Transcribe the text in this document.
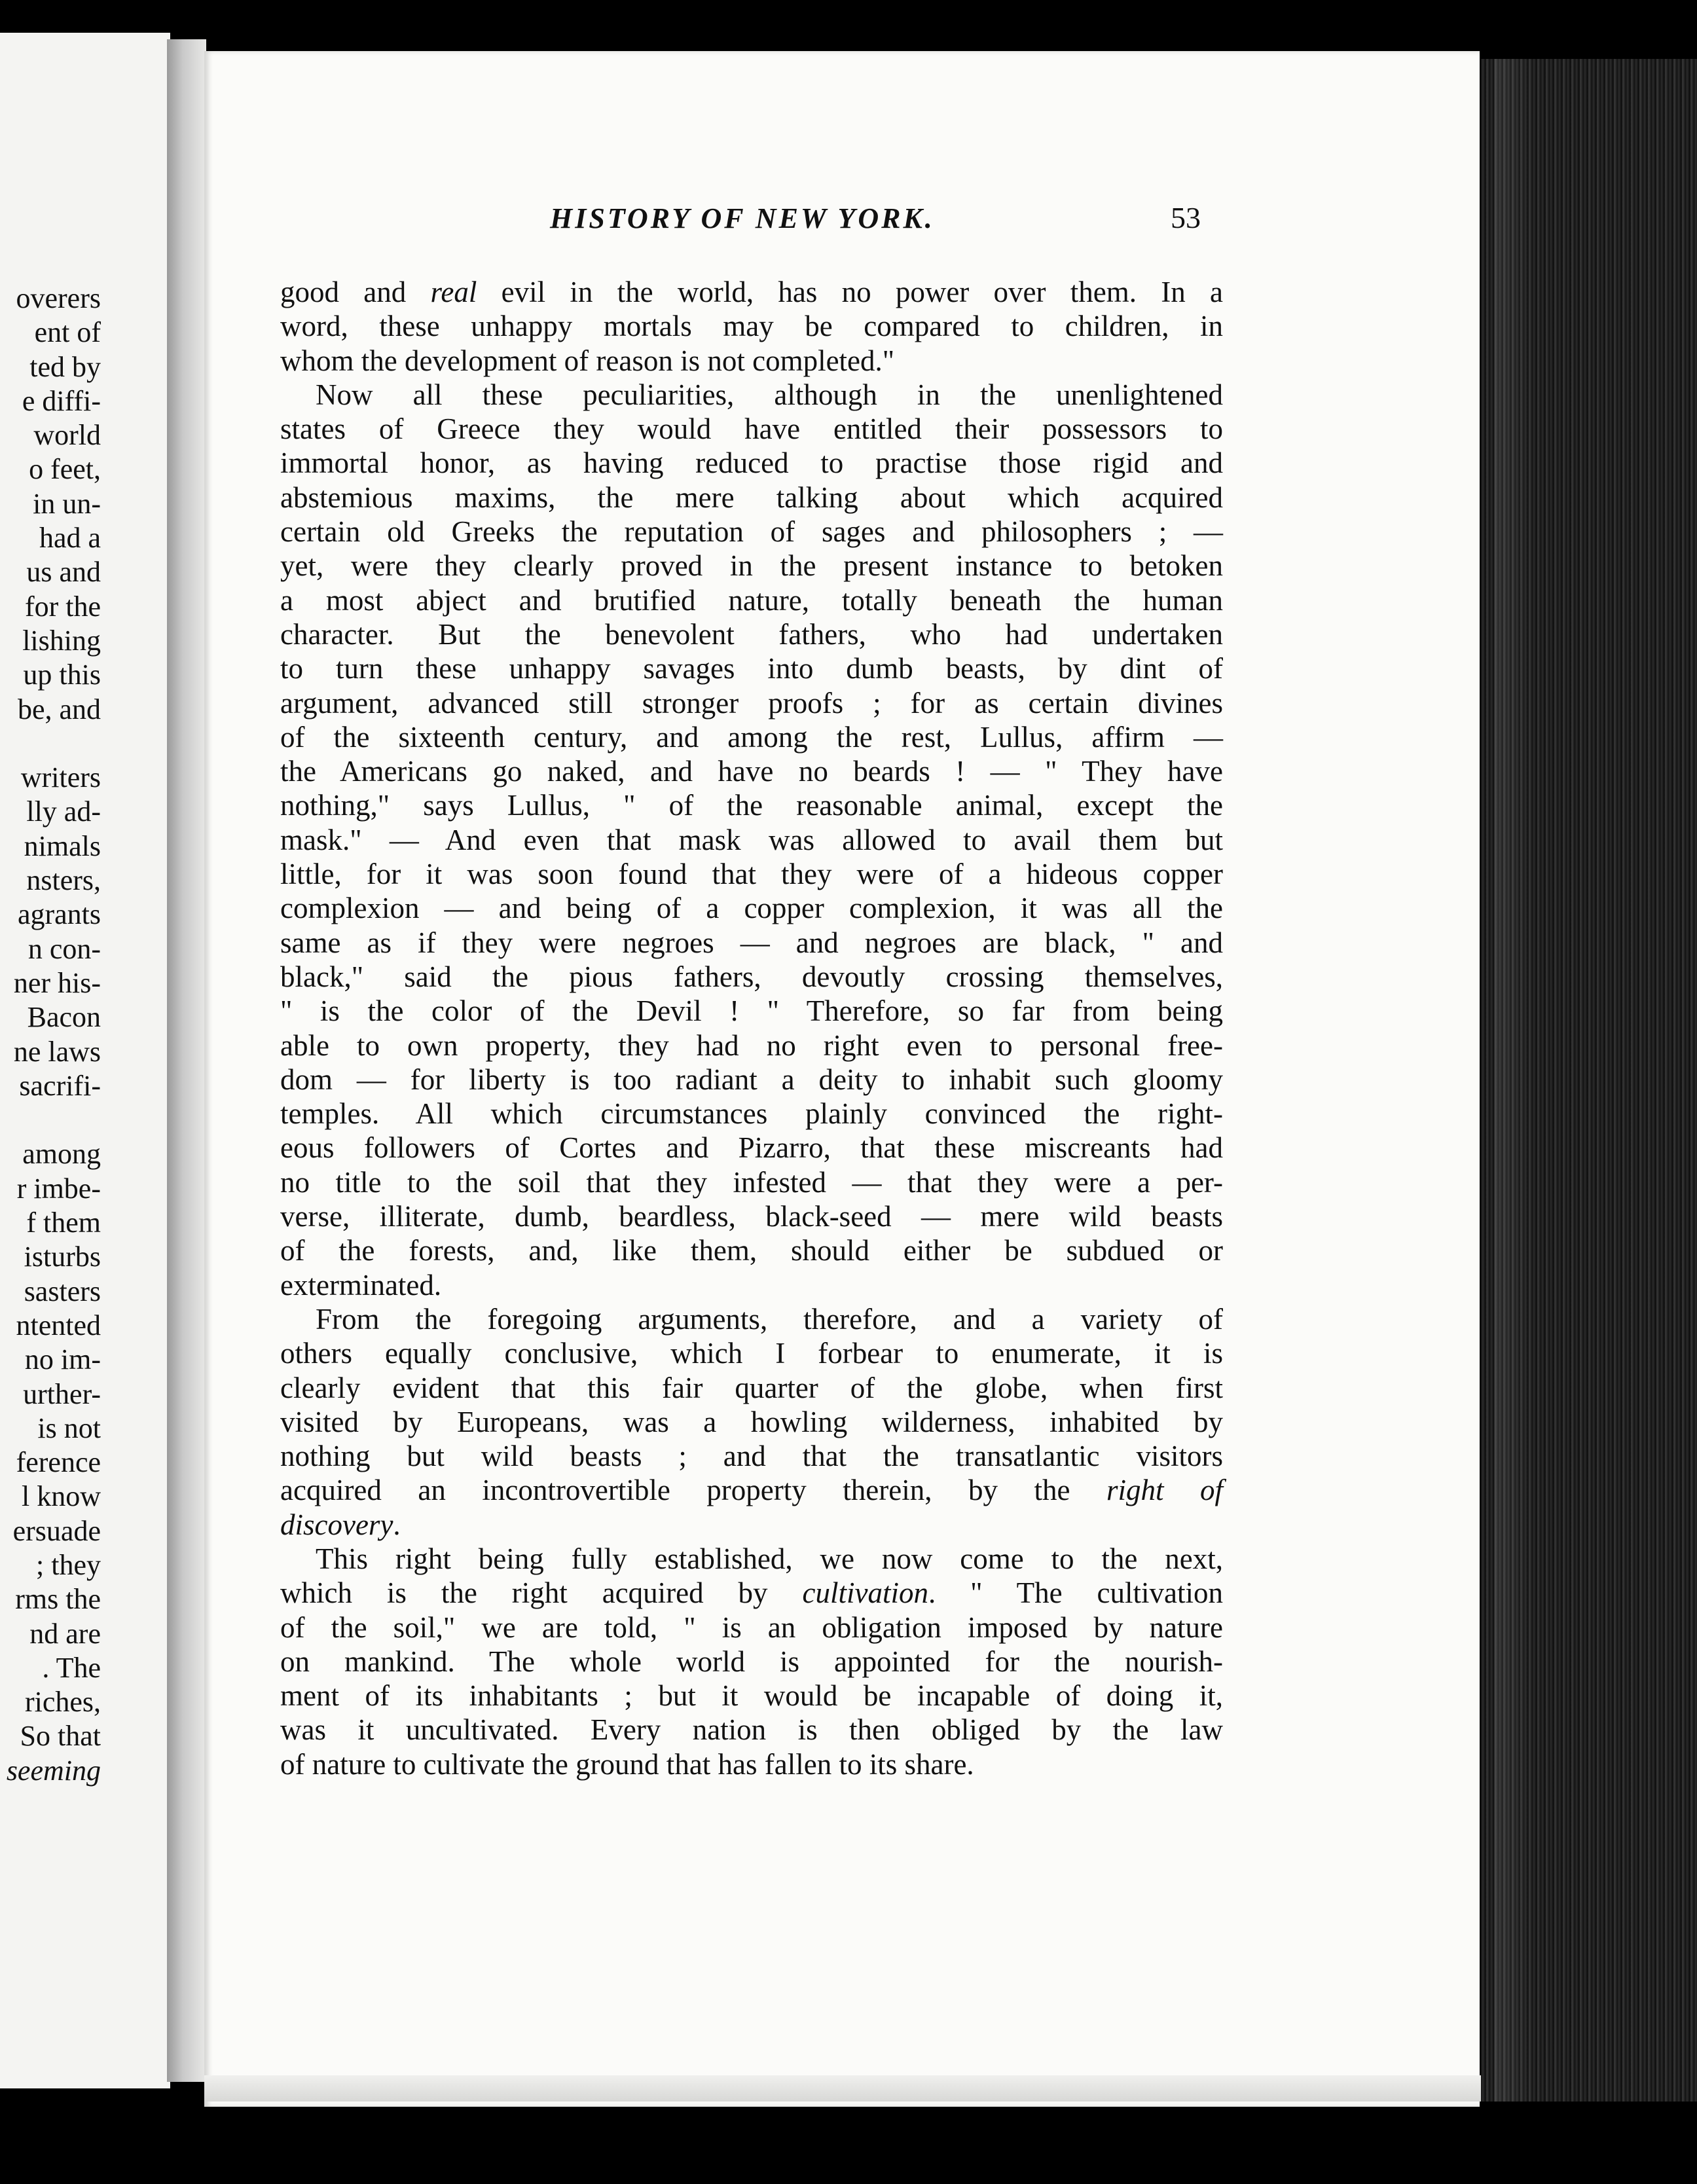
overers
ent of
ted by
e diffi-
world
o feet,
in un-
had a
us and
for the
lishing
up this
be, and
writers
lly ad-
nimals
nsters,
agrants
n con-
ner his-
Bacon
ne laws
sacrifi-
among
r imbe-
f them
isturbs
sasters
ntented
no im-
urther-
is not
ference
l know
ersuade
; they
rms the
nd are
. The
riches,
So that
seeming
HISTORY OF NEW YORK.	53
good and real evil in the world, has no power over them. In a
word, these unhappy mortals may be compared to children, in
whom the development of reason is not completed."
Now all these peculiarities, although in the unenlightened
states of Greece they would have entitled their possessors to
immortal honor, as having reduced to practise those rigid and
abstemious maxims, the mere talking about which acquired
certain old Greeks the reputation of sages and philosophers ; —
yet, were they clearly proved in the present instance to betoken
a most abject and brutified nature, totally beneath the human
character. But the benevolent fathers, who had undertaken
to turn these unhappy savages into dumb beasts, by dint of
argument, advanced still stronger proofs ; for as certain divines
of the sixteenth century, and among the rest, Lullus, affirm —
the Americans go naked, and have no beards ! — " They have
nothing," says Lullus, " of the reasonable animal, except the
mask." — And even that mask was allowed to avail them but
little, for it was soon found that they were of a hideous copper
complexion — and being of a copper complexion, it was all the
same as if they were negroes — and negroes are black, " and
black," said the pious fathers, devoutly crossing themselves,
" is the color of the Devil ! " Therefore, so far from being
able to own property, they had no right even to personal free-
dom — for liberty is too radiant a deity to inhabit such gloomy
temples. All which circumstances plainly convinced the right-
eous followers of Cortes and Pizarro, that these miscreants had
no title to the soil that they infested — that they were a per-
verse, illiterate, dumb, beardless, black-seed — mere wild beasts
of the forests, and, like them, should either be subdued or
exterminated.
From the foregoing arguments, therefore, and a variety of
others equally conclusive, which I forbear to enumerate, it is
clearly evident that this fair quarter of the globe, when first
visited by Europeans, was a howling wilderness, inhabited by
nothing but wild beasts ; and that the transatlantic visitors
acquired an incontrovertible property therein, by the right of
discovery.
This right being fully established, we now come to the next,
which is the right acquired by cultivation. " The cultivation
of the soil," we are told, " is an obligation imposed by nature
on mankind. The whole world is appointed for the nourish-
ment of its inhabitants ; but it would be incapable of doing it,
was it uncultivated. Every nation is then obliged by the law
of nature to cultivate the ground that has fallen to its share.
